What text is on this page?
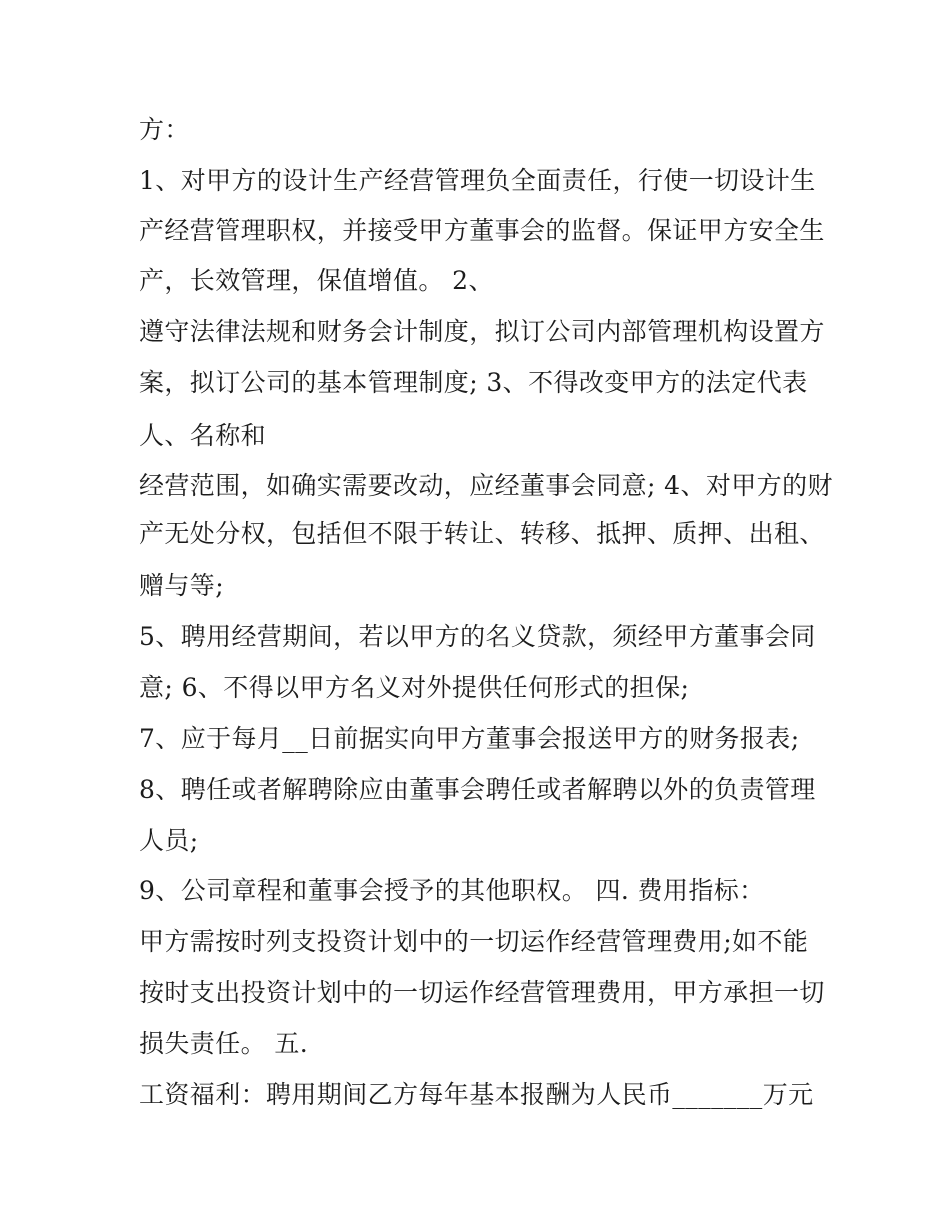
方：
1、对甲方的设计生产经营管理负全面责任，行使一切设计生
产经营管理职权，并接受甲方董事会的监督。保证甲方安全生
产，长效管理，保值增值。 2、
遵守法律法规和财务会计制度，拟订公司内部管理机构设置方
案，拟订公司的基本管理制度; 3、不得改变甲方的法定代表
人、名称和
经营范围，如确实需要改动，应经董事会同意; 4、对甲方的财
产无处分权，包括但不限于转让、转移、抵押、质押、出租、
赠与等;
5、聘用经营期间，若以甲方的名义贷款，须经甲方董事会同
意; 6、不得以甲方名义对外提供任何形式的担保;
7、应于每月__日前据实向甲方董事会报送甲方的财务报表;
8、聘任或者解聘除应由董事会聘任或者解聘以外的负责管理
人员;
9、公司章程和董事会授予的其他职权。 四. 费用指标：
甲方需按时列支投资计划中的一切运作经营管理费用;如不能
按时支出投资计划中的一切运作经营管理费用，甲方承担一切
损失责任。 五.
工资福利：聘用期间乙方每年基本报酬为人民币_______万元
